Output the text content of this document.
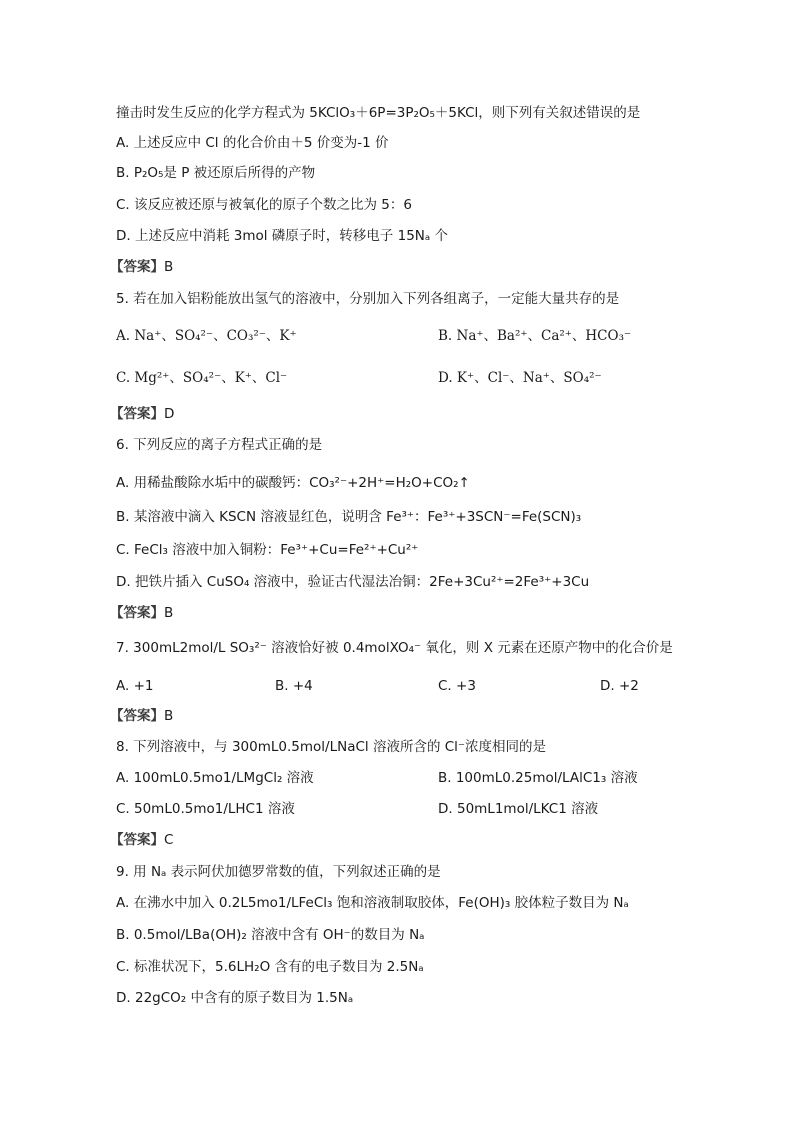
撞击时发生反应的化学方程式为 5KClO₃＋6P=3P₂O₅＋5KCl，则下列有关叙述错误的是
A. 上述反应中 Cl 的化合价由＋5 价变为-1 价
B. P₂O₅是 P 被还原后所得的产物
C. 该反应被还原与被氧化的原子个数之比为 5：6
D. 上述反应中消耗 3mol 磷原子时，转移电子 15Nₐ 个
【答案】B
5. 若在加入铝粉能放出氢气的溶液中，分别加入下列各组离子，一定能大量共存的是
A. Na⁺、SO₄²⁻、CO₃²⁻、K⁺	B. Na⁺、Ba²⁺、Ca²⁺、HCO₃⁻
C. Mg²⁺、SO₄²⁻、K⁺、Cl⁻	D. K⁺、Cl⁻、Na⁺、SO₄²⁻
【答案】D
6. 下列反应的离子方程式正确的是
A. 用稀盐酸除水垢中的碳酸钙：CO₃²⁻+2H⁺=H₂O+CO₂↑
B. 某溶液中滴入 KSCN 溶液显红色，说明含 Fe³⁺：Fe³⁺+3SCN⁻=Fe(SCN)₃
C. FeCl₃ 溶液中加入铜粉：Fe³⁺+Cu=Fe²⁺+Cu²⁺
D. 把铁片插入 CuSO₄ 溶液中，验证古代湿法冶铜：2Fe+3Cu²⁺=2Fe³⁺+3Cu
【答案】B
7. 300mL2mol/L SO₃²⁻ 溶液恰好被 0.4molXO₄⁻ 氧化，则 X 元素在还原产物中的化合价是
A. +1	B. +4	C. +3	D. +2
【答案】B
8. 下列溶液中，与 300mL0.5mol/LNaCl 溶液所含的 Cl⁻浓度相同的是
A. 100mL0.5mo1/LMgCl₂ 溶液	B. 100mL0.25mol/LAlC1₃ 溶液
C. 50mL0.5mo1/LHC1 溶液	D. 50mL1mol/LKC1 溶液
【答案】C
9. 用 Nₐ 表示阿伏加德罗常数的值，下列叙述正确的是
A. 在沸水中加入 0.2L5mo1/LFeCl₃ 饱和溶液制取胶体，Fe(OH)₃ 胶体粒子数目为 Nₐ
B. 0.5mol/LBa(OH)₂ 溶液中含有 OH⁻的数目为 Nₐ
C. 标准状况下，5.6LH₂O 含有的电子数目为 2.5Nₐ
D. 22gCO₂ 中含有的原子数目为 1.5Nₐ
